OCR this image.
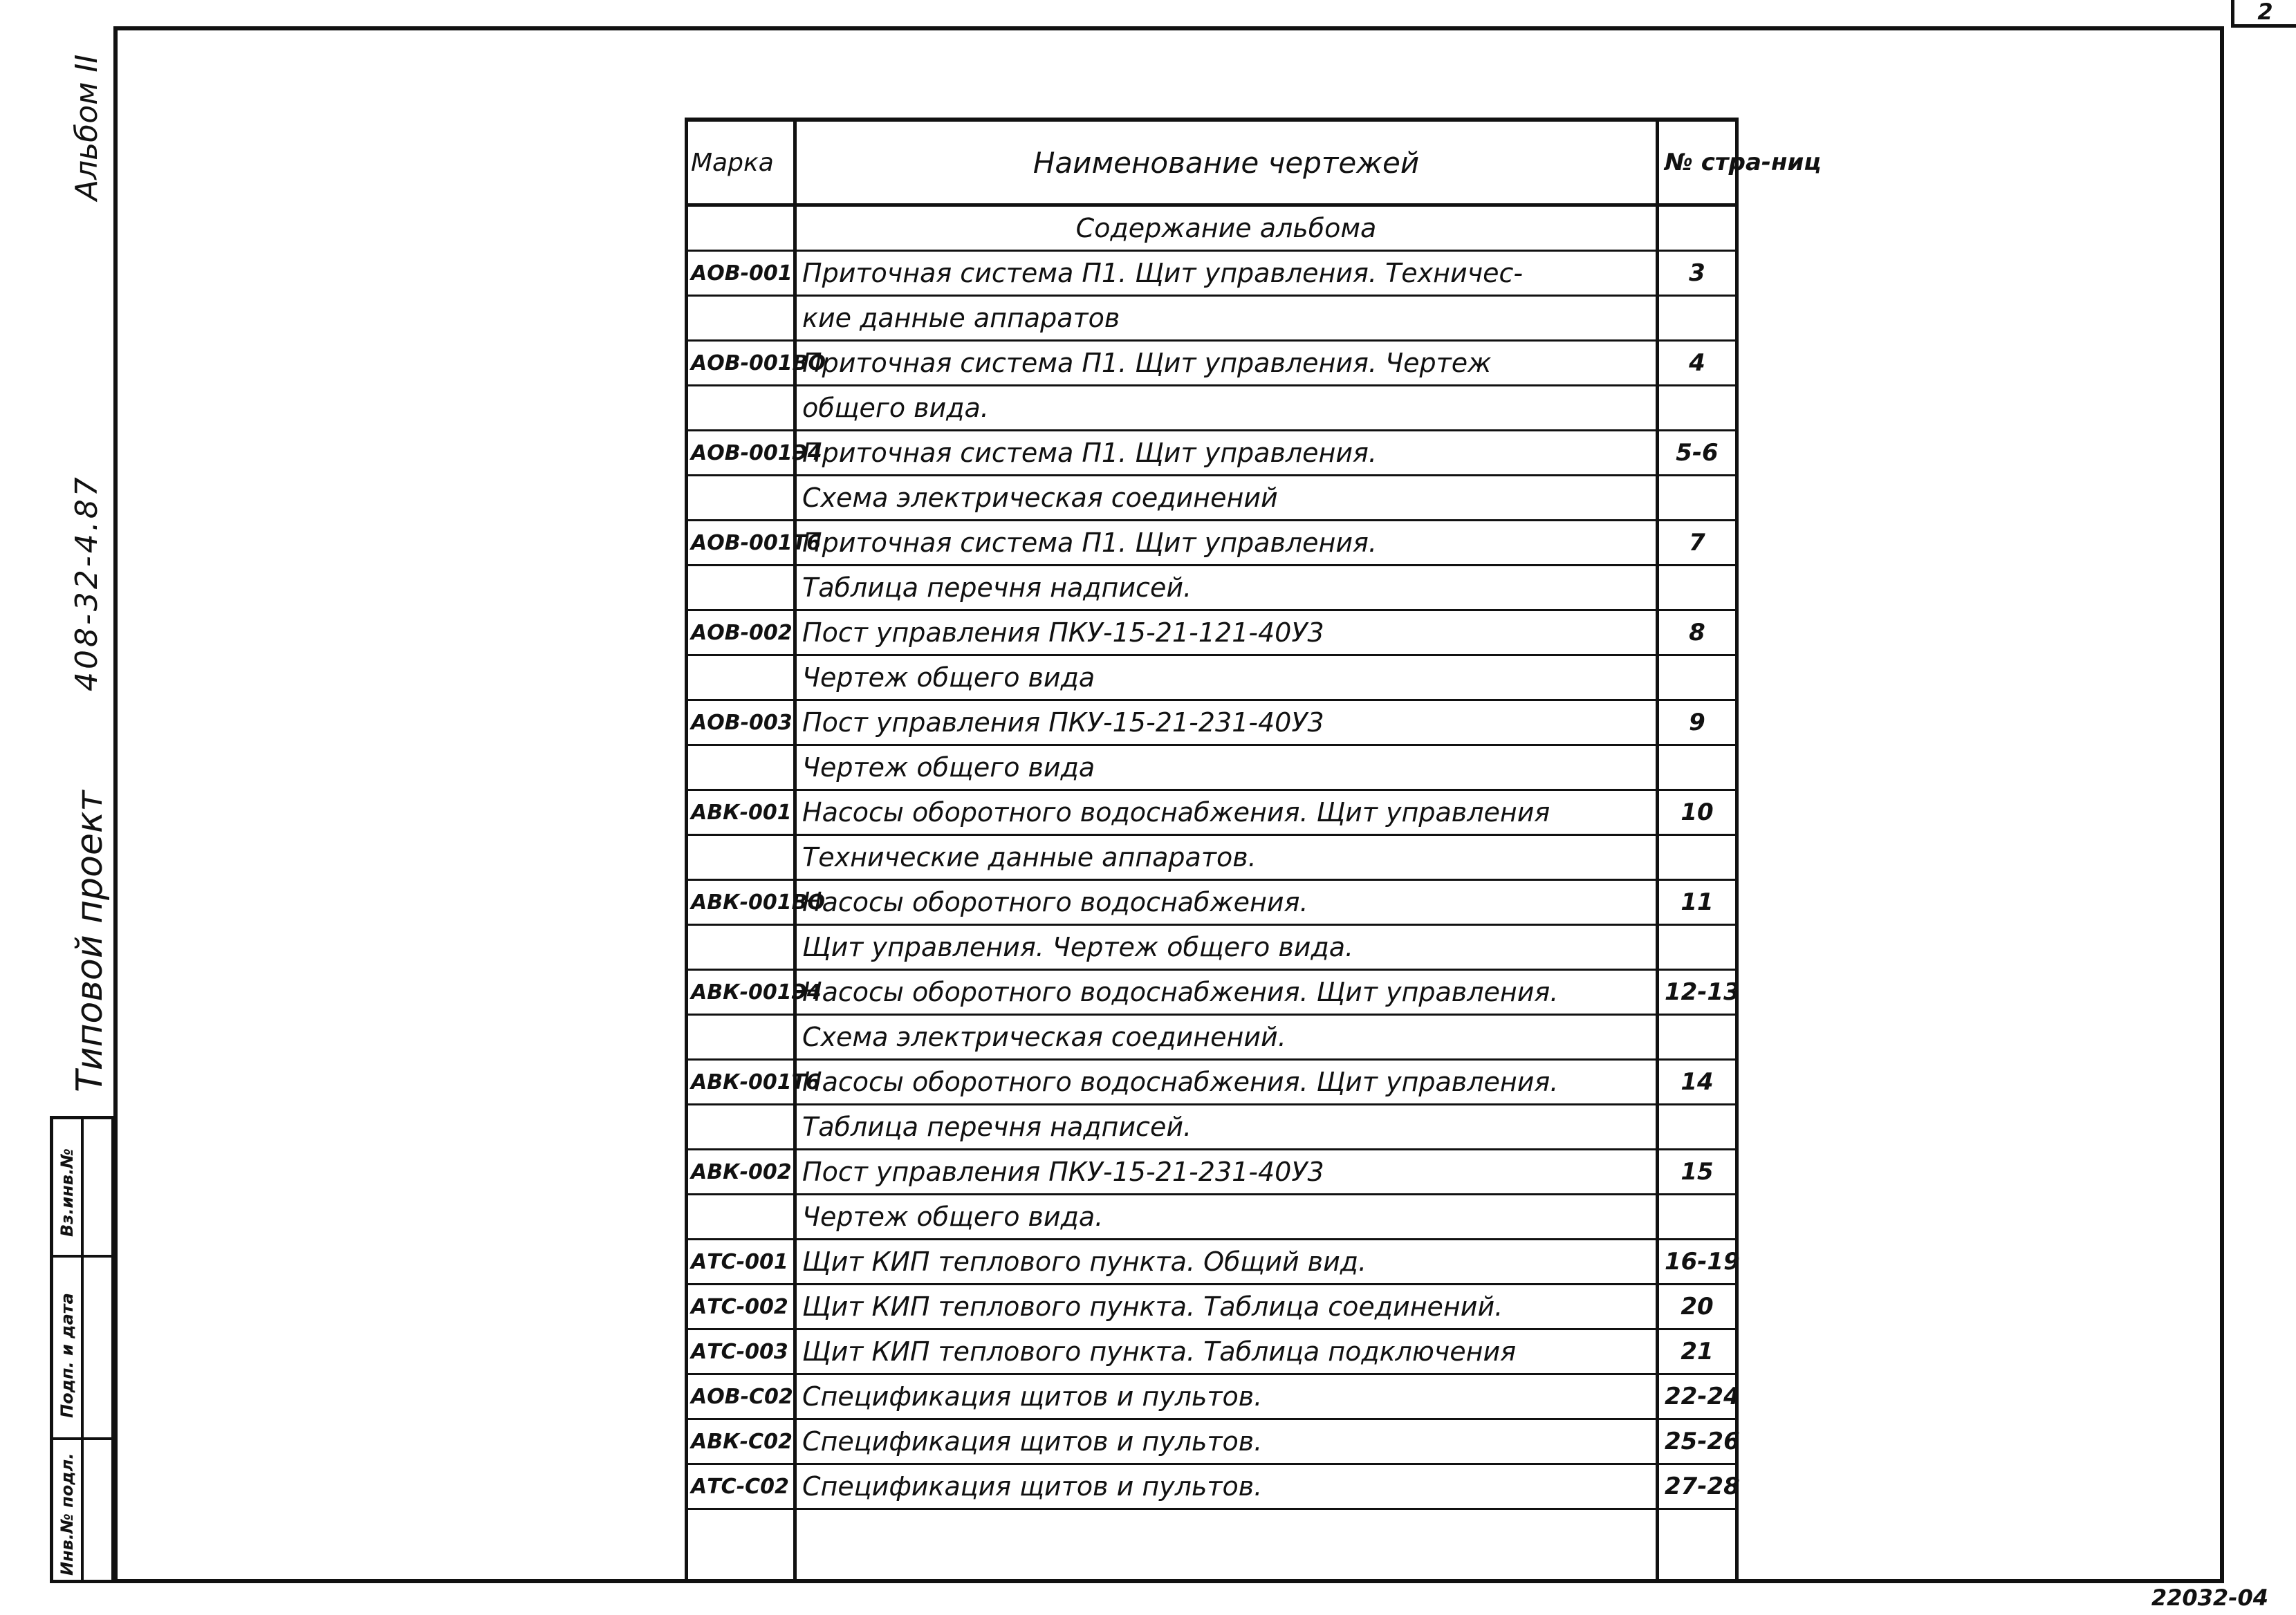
2
22032-04
Альбом II
408-32-4.87
Типовой проект
Вз.инв.№
Подп. и дата
Инв.№ подл.
Марка	Наименование чертежей	№ стра-ниц
	Содержание альбома	
АОВ-001	Приточная система П1. Щит управления. Техничес-	3
	кие данные аппаратов	
АОВ-001ВО	Приточная система П1. Щит управления. Чертеж	4
	общего вида.	
АОВ-001Э4	Приточная система П1. Щит управления.	5-6
	Схема электрическая соединений	
АОВ-001Т6	Приточная система П1. Щит управления.	7
	Таблица перечня надписей.	
АОВ-002	Пост управления ПКУ-15-21-121-40У3	8
	Чертеж общего вида	
АОВ-003	Пост управления ПКУ-15-21-231-40У3	9
	Чертеж общего вида	
АВК-001	Насосы оборотного водоснабжения. Щит управления	10
	Технические данные аппаратов.	
АВК-001ВО	Насосы оборотного водоснабжения.	11
	Щит управления. Чертеж общего вида.	
АВК-001Э4	Насосы оборотного водоснабжения. Щит управления.	12-13
	Схема электрическая соединений.	
АВК-001Т6	Насосы оборотного водоснабжения. Щит управления.	14
	Таблица перечня надписей.	
АВК-002	Пост управления ПКУ-15-21-231-40У3	15
	Чертеж общего вида.	
АТС-001	Щит КИП теплового пункта. Общий вид.	16-19
АТС-002	Щит КИП теплового пункта. Таблица соединений.	20
АТС-003	Щит КИП теплового пункта. Таблица подключения	21
АОВ-С02	Спецификация щитов и пультов.	22-24
АВК-С02	Спецификация щитов и пультов.	25-26
АТС-С02	Спецификация щитов и пультов.	27-28
